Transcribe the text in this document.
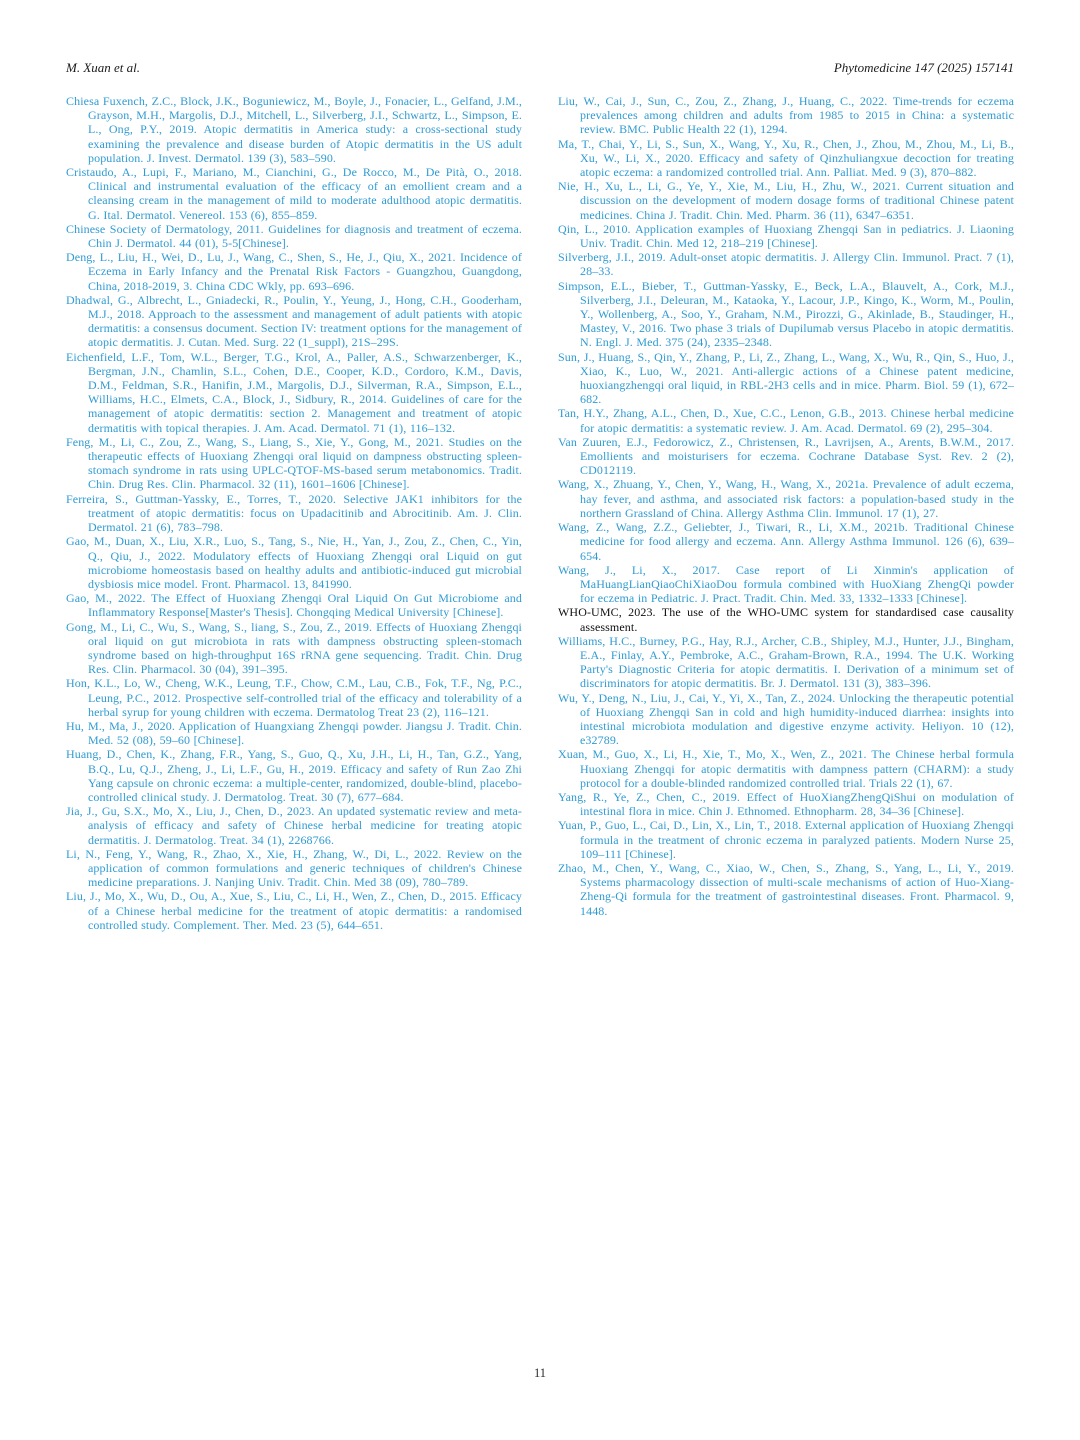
M. Xuan et al.	Phytomedicine 147 (2025) 157141

Chiesa Fuxench, Z.C., Block, J.K., Boguniewicz, M., Boyle, J., Fonacier, L., Gelfand, J.M., Grayson, M.H., Margolis, D.J., Mitchell, L., Silverberg, J.I., Schwartz, L., Simpson, E. L., Ong, P.Y., 2019. Atopic dermatitis in America study: a cross-sectional study examining the prevalence and disease burden of Atopic dermatitis in the US adult population. J. Invest. Dermatol. 139 (3), 583–590.

Cristaudo, A., Lupi, F., Mariano, M., Cianchini, G., De Rocco, M., De Pità, O., 2018. Clinical and instrumental evaluation of the efficacy of an emollient cream and a cleansing cream in the management of mild to moderate adulthood atopic dermatitis. G. Ital. Dermatol. Venereol. 153 (6), 855–859.

Chinese Society of Dermatology, 2011. Guidelines for diagnosis and treatment of eczema. Chin J. Dermatol. 44 (01), 5-5[Chinese].

Deng, L., Liu, H., Wei, D., Lu, J., Wang, C., Shen, S., He, J., Qiu, X., 2021. Incidence of Eczema in Early Infancy and the Prenatal Risk Factors - Guangzhou, Guangdong, China, 2018-2019, 3. China CDC Wkly, pp. 693–696.

Dhadwal, G., Albrecht, L., Gniadecki, R., Poulin, Y., Yeung, J., Hong, C.H., Gooderham, M.J., 2018. Approach to the assessment and management of adult patients with atopic dermatitis: a consensus document. Section IV: treatment options for the management of atopic dermatitis. J. Cutan. Med. Surg. 22 (1_suppl), 21S–29S.

Eichenfield, L.F., Tom, W.L., Berger, T.G., Krol, A., Paller, A.S., Schwarzenberger, K., Bergman, J.N., Chamlin, S.L., Cohen, D.E., Cooper, K.D., Cordoro, K.M., Davis, D.M., Feldman, S.R., Hanifin, J.M., Margolis, D.J., Silverman, R.A., Simpson, E.L., Williams, H.C., Elmets, C.A., Block, J., Sidbury, R., 2014. Guidelines of care for the management of atopic dermatitis: section 2. Management and treatment of atopic dermatitis with topical therapies. J. Am. Acad. Dermatol. 71 (1), 116–132.

Feng, M., Li, C., Zou, Z., Wang, S., Liang, S., Xie, Y., Gong, M., 2021. Studies on the therapeutic effects of Huoxiang Zhengqi oral liquid on dampness obstructing spleen-stomach syndrome in rats using UPLC-QTOF-MS-based serum metabonomics. Tradit. Chin. Drug Res. Clin. Pharmacol. 32 (11), 1601–1606 [Chinese].

Ferreira, S., Guttman-Yassky, E., Torres, T., 2020. Selective JAK1 inhibitors for the treatment of atopic dermatitis: focus on Upadacitinib and Abrocitinib. Am. J. Clin. Dermatol. 21 (6), 783–798.

Gao, M., Duan, X., Liu, X.R., Luo, S., Tang, S., Nie, H., Yan, J., Zou, Z., Chen, C., Yin, Q., Qiu, J., 2022. Modulatory effects of Huoxiang Zhengqi oral Liquid on gut microbiome homeostasis based on healthy adults and antibiotic-induced gut microbial dysbiosis mice model. Front. Pharmacol. 13, 841990.

Gao, M., 2022. The Effect of Huoxiang Zhengqi Oral Liquid On Gut Microbiome and Inflammatory Response[Master's Thesis]. Chongqing Medical University [Chinese].

Gong, M., Li, C., Wu, S., Wang, S., liang, S., Zou, Z., 2019. Effects of Huoxiang Zhengqi oral liquid on gut microbiota in rats with dampness obstructing spleen-stomach syndrome based on high-throughput 16S rRNA gene sequencing. Tradit. Chin. Drug Res. Clin. Pharmacol. 30 (04), 391–395.

Hon, K.L., Lo, W., Cheng, W.K., Leung, T.F., Chow, C.M., Lau, C.B., Fok, T.F., Ng, P.C., Leung, P.C., 2012. Prospective self-controlled trial of the efficacy and tolerability of a herbal syrup for young children with eczema. Dermatolog Treat 23 (2), 116–121.

Hu, M., Ma, J., 2020. Application of Huangxiang Zhengqi powder. Jiangsu J. Tradit. Chin. Med. 52 (08), 59–60 [Chinese].

Huang, D., Chen, K., Zhang, F.R., Yang, S., Guo, Q., Xu, J.H., Li, H., Tan, G.Z., Yang, B.Q., Lu, Q.J., Zheng, J., Li, L.F., Gu, H., 2019. Efficacy and safety of Run Zao Zhi Yang capsule on chronic eczema: a multiple-center, randomized, double-blind, placebo-controlled clinical study. J. Dermatolog. Treat. 30 (7), 677–684.

Jia, J., Gu, S.X., Mo, X., Liu, J., Chen, D., 2023. An updated systematic review and meta-analysis of efficacy and safety of Chinese herbal medicine for treating atopic dermatitis. J. Dermatolog. Treat. 34 (1), 2268766.

Li, N., Feng, Y., Wang, R., Zhao, X., Xie, H., Zhang, W., Di, L., 2022. Review on the application of common formulations and generic techniques of children's Chinese medicine preparations. J. Nanjing Univ. Tradit. Chin. Med 38 (09), 780–789.

Liu, J., Mo, X., Wu, D., Ou, A., Xue, S., Liu, C., Li, H., Wen, Z., Chen, D., 2015. Efficacy of a Chinese herbal medicine for the treatment of atopic dermatitis: a randomised controlled study. Complement. Ther. Med. 23 (5), 644–651.

Liu, W., Cai, J., Sun, C., Zou, Z., Zhang, J., Huang, C., 2022. Time-trends for eczema prevalences among children and adults from 1985 to 2015 in China: a systematic review. BMC. Public Health 22 (1), 1294.

Ma, T., Chai, Y., Li, S., Sun, X., Wang, Y., Xu, R., Chen, J., Zhou, M., Zhou, M., Li, B., Xu, W., Li, X., 2020. Efficacy and safety of Qinzhuliangxue decoction for treating atopic eczema: a randomized controlled trial. Ann. Palliat. Med. 9 (3), 870–882.

Nie, H., Xu, L., Li, G., Ye, Y., Xie, M., Liu, H., Zhu, W., 2021. Current situation and discussion on the development of modern dosage forms of traditional Chinese patent medicines. China J. Tradit. Chin. Med. Pharm. 36 (11), 6347–6351.

Qin, L., 2010. Application examples of Huoxiang Zhengqi San in pediatrics. J. Liaoning Univ. Tradit. Chin. Med 12, 218–219 [Chinese].

Silverberg, J.I., 2019. Adult-onset atopic dermatitis. J. Allergy Clin. Immunol. Pract. 7 (1), 28–33.

Simpson, E.L., Bieber, T., Guttman-Yassky, E., Beck, L.A., Blauvelt, A., Cork, M.J., Silverberg, J.I., Deleuran, M., Kataoka, Y., Lacour, J.P., Kingo, K., Worm, M., Poulin, Y., Wollenberg, A., Soo, Y., Graham, N.M., Pirozzi, G., Akinlade, B., Staudinger, H., Mastey, V., 2016. Two phase 3 trials of Dupilumab versus Placebo in atopic dermatitis. N. Engl. J. Med. 375 (24), 2335–2348.

Sun, J., Huang, S., Qin, Y., Zhang, P., Li, Z., Zhang, L., Wang, X., Wu, R., Qin, S., Huo, J., Xiao, K., Luo, W., 2021. Anti-allergic actions of a Chinese patent medicine, huoxiangzhengqi oral liquid, in RBL-2H3 cells and in mice. Pharm. Biol. 59 (1), 672–682.

Tan, H.Y., Zhang, A.L., Chen, D., Xue, C.C., Lenon, G.B., 2013. Chinese herbal medicine for atopic dermatitis: a systematic review. J. Am. Acad. Dermatol. 69 (2), 295–304.

Van Zuuren, E.J., Fedorowicz, Z., Christensen, R., Lavrijsen, A., Arents, B.W.M., 2017. Emollients and moisturisers for eczema. Cochrane Database Syst. Rev. 2 (2), CD012119.

Wang, X., Zhuang, Y., Chen, Y., Wang, H., Wang, X., 2021a. Prevalence of adult eczema, hay fever, and asthma, and associated risk factors: a population-based study in the northern Grassland of China. Allergy Asthma Clin. Immunol. 17 (1), 27.

Wang, Z., Wang, Z.Z., Geliebter, J., Tiwari, R., Li, X.M., 2021b. Traditional Chinese medicine for food allergy and eczema. Ann. Allergy Asthma Immunol. 126 (6), 639–654.

Wang, J., Li, X., 2017. Case report of Li Xinmin's application of MaHuangLianQiaoChiXiaoDou formula combined with HuoXiang ZhengQi powder for eczema in Pediatric. J. Pract. Tradit. Chin. Med. 33, 1332–1333 [Chinese].

WHO-UMC, 2023. The use of the WHO-UMC system for standardised case causality assessment.

Williams, H.C., Burney, P.G., Hay, R.J., Archer, C.B., Shipley, M.J., Hunter, J.J., Bingham, E.A., Finlay, A.Y., Pembroke, A.C., Graham-Brown, R.A., 1994. The U.K. Working Party's Diagnostic Criteria for atopic dermatitis. I. Derivation of a minimum set of discriminators for atopic dermatitis. Br. J. Dermatol. 131 (3), 383–396.

Wu, Y., Deng, N., Liu, J., Cai, Y., Yi, X., Tan, Z., 2024. Unlocking the therapeutic potential of Huoxiang Zhengqi San in cold and high humidity-induced diarrhea: insights into intestinal microbiota modulation and digestive enzyme activity. Heliyon. 10 (12), e32789.

Xuan, M., Guo, X., Li, H., Xie, T., Mo, X., Wen, Z., 2021. The Chinese herbal formula Huoxiang Zhengqi for atopic dermatitis with dampness pattern (CHARM): a study protocol for a double-blinded randomized controlled trial. Trials 22 (1), 67.

Yang, R., Ye, Z., Chen, C., 2019. Effect of HuoXiangZhengQiShui on modulation of intestinal flora in mice. Chin J. Ethnomed. Ethnopharm. 28, 34–36 [Chinese].

Yuan, P., Guo, L., Cai, D., Lin, X., Lin, T., 2018. External application of Huoxiang Zhengqi formula in the treatment of chronic eczema in paralyzed patients. Modern Nurse 25, 109–111 [Chinese].

Zhao, M., Chen, Y., Wang, C., Xiao, W., Chen, S., Zhang, S., Yang, L., Li, Y., 2019. Systems pharmacology dissection of multi-scale mechanisms of action of Huo-Xiang-Zheng-Qi formula for the treatment of gastrointestinal diseases. Front. Pharmacol. 9, 1448.

11
